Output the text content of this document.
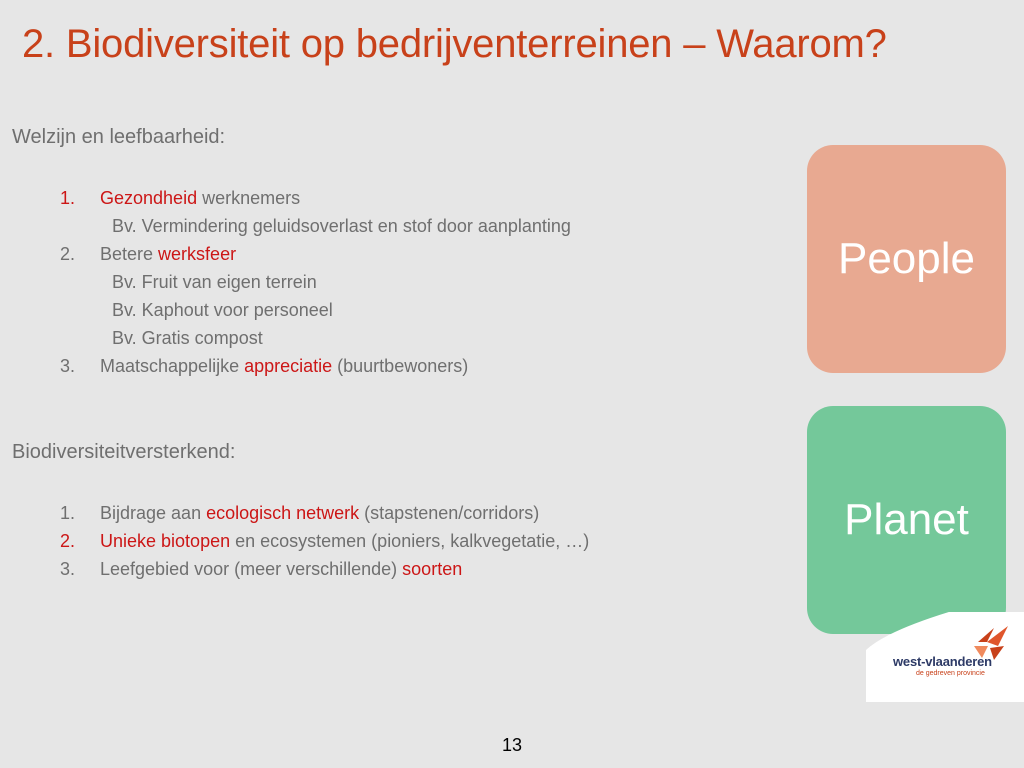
2. Biodiversiteit op bedrijventerreinen – Waarom?
Welzijn en leefbaarheid:
1. Gezondheid werknemers
Bv. Vermindering geluidsoverlast en stof door aanplanting
2. Betere werksfeer
Bv. Fruit van eigen terrein
Bv. Kaphout voor personeel
Bv. Gratis compost
3. Maatschappelijke appreciatie (buurtbewoners)
Biodiversiteitversterkend:
1. Bijdrage aan ecologisch netwerk (stapstenen/corridors)
2. Unieke biotopen en ecosystemen (pioniers, kalkvegetatie, …)
3. Leefgebied voor (meer verschillende) soorten
People
Planet
west-vlaanderen
de gedreven provincie
13
